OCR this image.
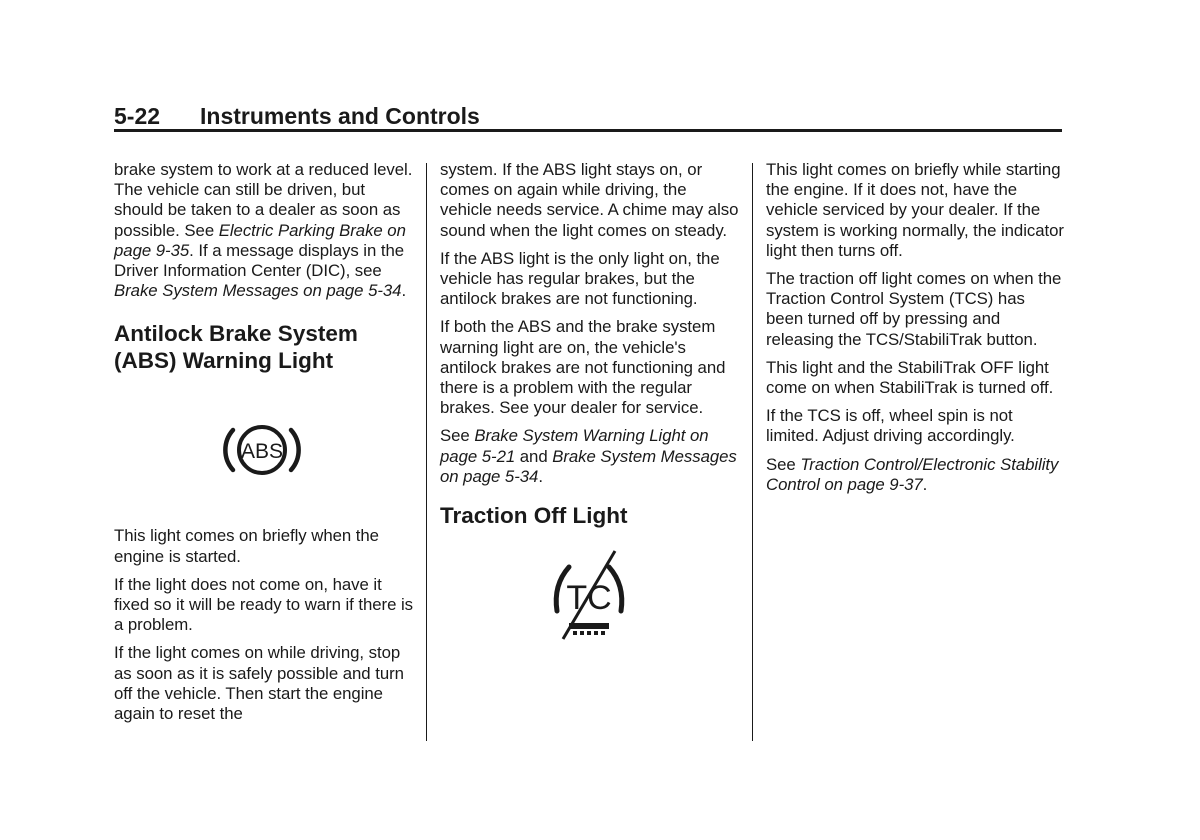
5-22 Instruments and Controls

brake system to work at a reduced level. The vehicle can still be driven, but should be taken to a dealer as soon as possible. See Electric Parking Brake on page 9-35. If a message displays in the Driver Information Center (DIC), see Brake System Messages on page 5-34.

Antilock Brake System (ABS) Warning Light
ABS

This light comes on briefly when the engine is started.

If the light does not come on, have it fixed so it will be ready to warn if there is a problem.

If the light comes on while driving, stop as soon as it is safely possible and turn off the vehicle. Then start the engine again to reset the

system. If the ABS light stays on, or comes on again while driving, the vehicle needs service. A chime may also sound when the light comes on steady.

If the ABS light is the only light on, the vehicle has regular brakes, but the antilock brakes are not functioning.

If both the ABS and the brake system warning light are on, the vehicle's antilock brakes are not functioning and there is a problem with the regular brakes. See your dealer for service.

See Brake System Warning Light on page 5-21 and Brake System Messages on page 5-34.

Traction Off Light
TC

This light comes on briefly while starting the engine. If it does not, have the vehicle serviced by your dealer. If the system is working normally, the indicator light then turns off.

The traction off light comes on when the Traction Control System (TCS) has been turned off by pressing and releasing the TCS/StabiliTrak button.

This light and the StabiliTrak OFF light come on when StabiliTrak is turned off.

If the TCS is off, wheel spin is not limited. Adjust driving accordingly.

See Traction Control/Electronic Stability Control on page 9-37.
